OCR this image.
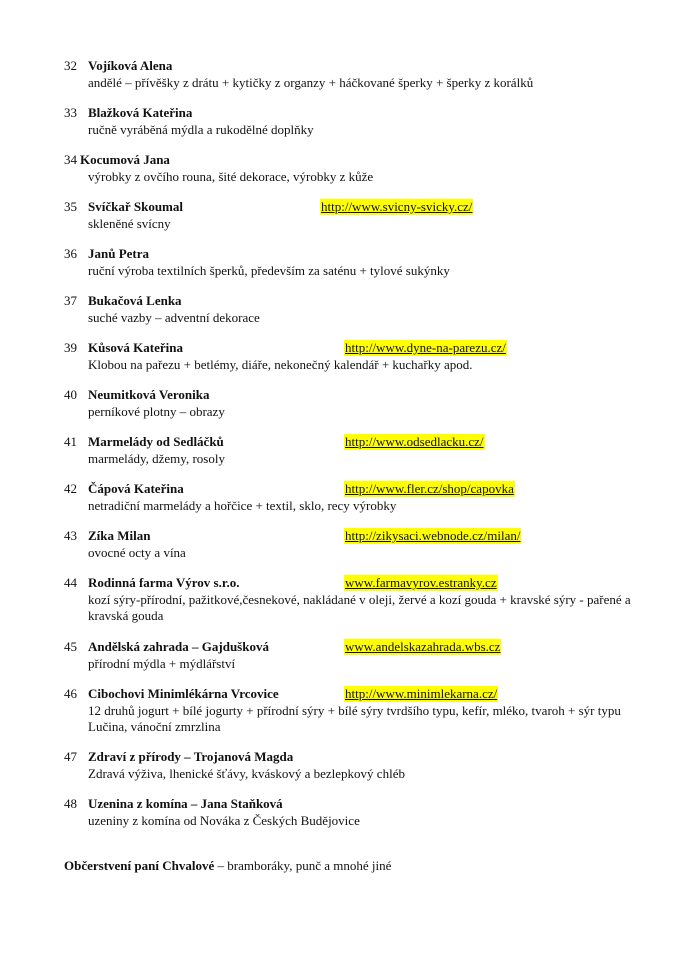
32 Vojíková Alena
andělé – přívěšky z drátu + kytičky z organzy + háčkované šperky + šperky z korálků
33 Blažková Kateřina
ručně vyráběná mýdla a rukodělné doplňky
34 Kocumová Jana
výrobky z ovčího rouna, šité dekorace, výrobky z kůže
35 Svíčkař Skoumal	http://www.svicny-svicky.cz/
skleněné svícny
36 Janů Petra
ruční výroba textilních šperků, především za saténu + tylové sukýnky
37 Bukačová Lenka
suché vazby – adventní dekorace
39 Kůsová Kateřina	http://www.dyne-na-parezu.cz/
Klobou na pařezu + betlémy, diáře, nekonečný kalendář + kuchařky apod.
40 Neumitková Veronika
perníkové plotny – obrazy
41 Marmelády od Sedláčků	http://www.odsedlacku.cz/
marmelády, džemy, rosoly
42 Čápová Kateřina	http://www.fler.cz/shop/capovka
netradiční marmelády a hořčice + textil, sklo, recy výrobky
43 Zíka Milan	http://zikysaci.webnode.cz/milan/
ovocné octy a vína
44 Rodinná farma Výrov s.r.o.	www.farmavyrov.estranky.cz
kozí sýry-přírodní, pažitkové,česnekové, nakládané v oleji, žervé a kozí gouda + kravské sýry - pařené a kravská gouda
45 Andělská zahrada – Gajdušková	www.andelskazahrada.wbs.cz
přírodní mýdla + mýdlářství
46 Cibochovi Minimlékárna Vrcovice	http://www.minimlekarna.cz/
12 druhů jogurt + bílé jogurty + přírodní sýry + bílé sýry tvrdšího typu, kefír, mléko, tvaroh + sýr typu Lučina, vánoční zmrzlina
47 Zdraví z přírody – Trojanová Magda
Zdravá výživa, lhenické šťávy, kváskový a bezlepkový chléb
48 Uzenina z komína – Jana Staňková
uzeniny z komína od Nováka z Českých Budějovice
Občerstvení paní Chvalové – bramboráky, punč a mnohé jiné
